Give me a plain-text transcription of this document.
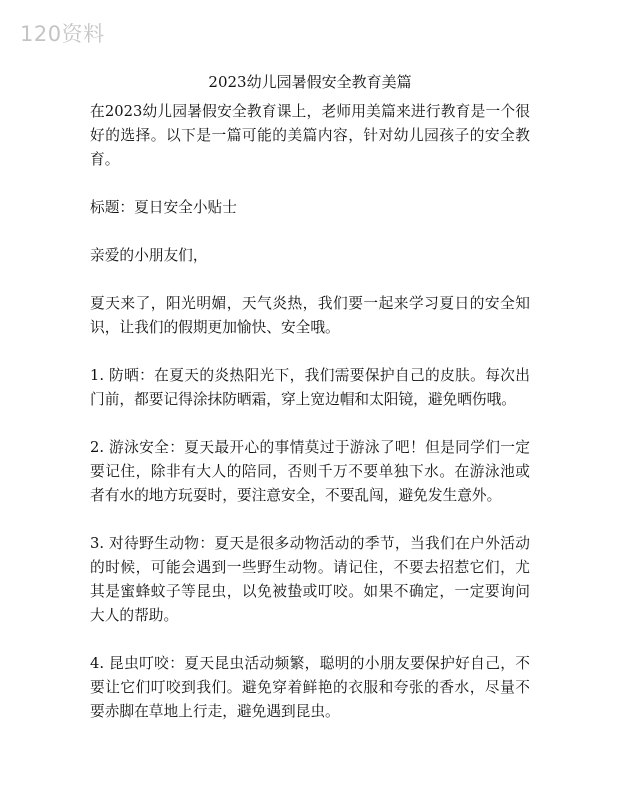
120资料
2023幼儿园暑假安全教育美篇

在2023幼儿园暑假安全教育课上，老师用美篇来进行教育是一个很好的选择。以下是一篇可能的美篇内容，针对幼儿园孩子的安全教育。

标题：夏日安全小贴士

亲爱的小朋友们，

夏天来了，阳光明媚，天气炎热，我们要一起来学习夏日的安全知识，让我们的假期更加愉快、安全哦。

1. 防晒：在夏天的炎热阳光下，我们需要保护自己的皮肤。每次出门前，都要记得涂抹防晒霜，穿上宽边帽和太阳镜，避免晒伤哦。

2. 游泳安全：夏天最开心的事情莫过于游泳了吧！但是同学们一定要记住，除非有大人的陪同，否则千万不要单独下水。在游泳池或者有水的地方玩耍时，要注意安全，不要乱闯，避免发生意外。

3. 对待野生动物：夏天是很多动物活动的季节，当我们在户外活动的时候，可能会遇到一些野生动物。请记住，不要去招惹它们，尤其是蜜蜂蚊子等昆虫，以免被蛰或叮咬。如果不确定，一定要询问大人的帮助。

4. 昆虫叮咬：夏天昆虫活动频繁，聪明的小朋友要保护好自己，不要让它们叮咬到我们。避免穿着鲜艳的衣服和夸张的香水，尽量不要赤脚在草地上行走，避免遇到昆虫。
